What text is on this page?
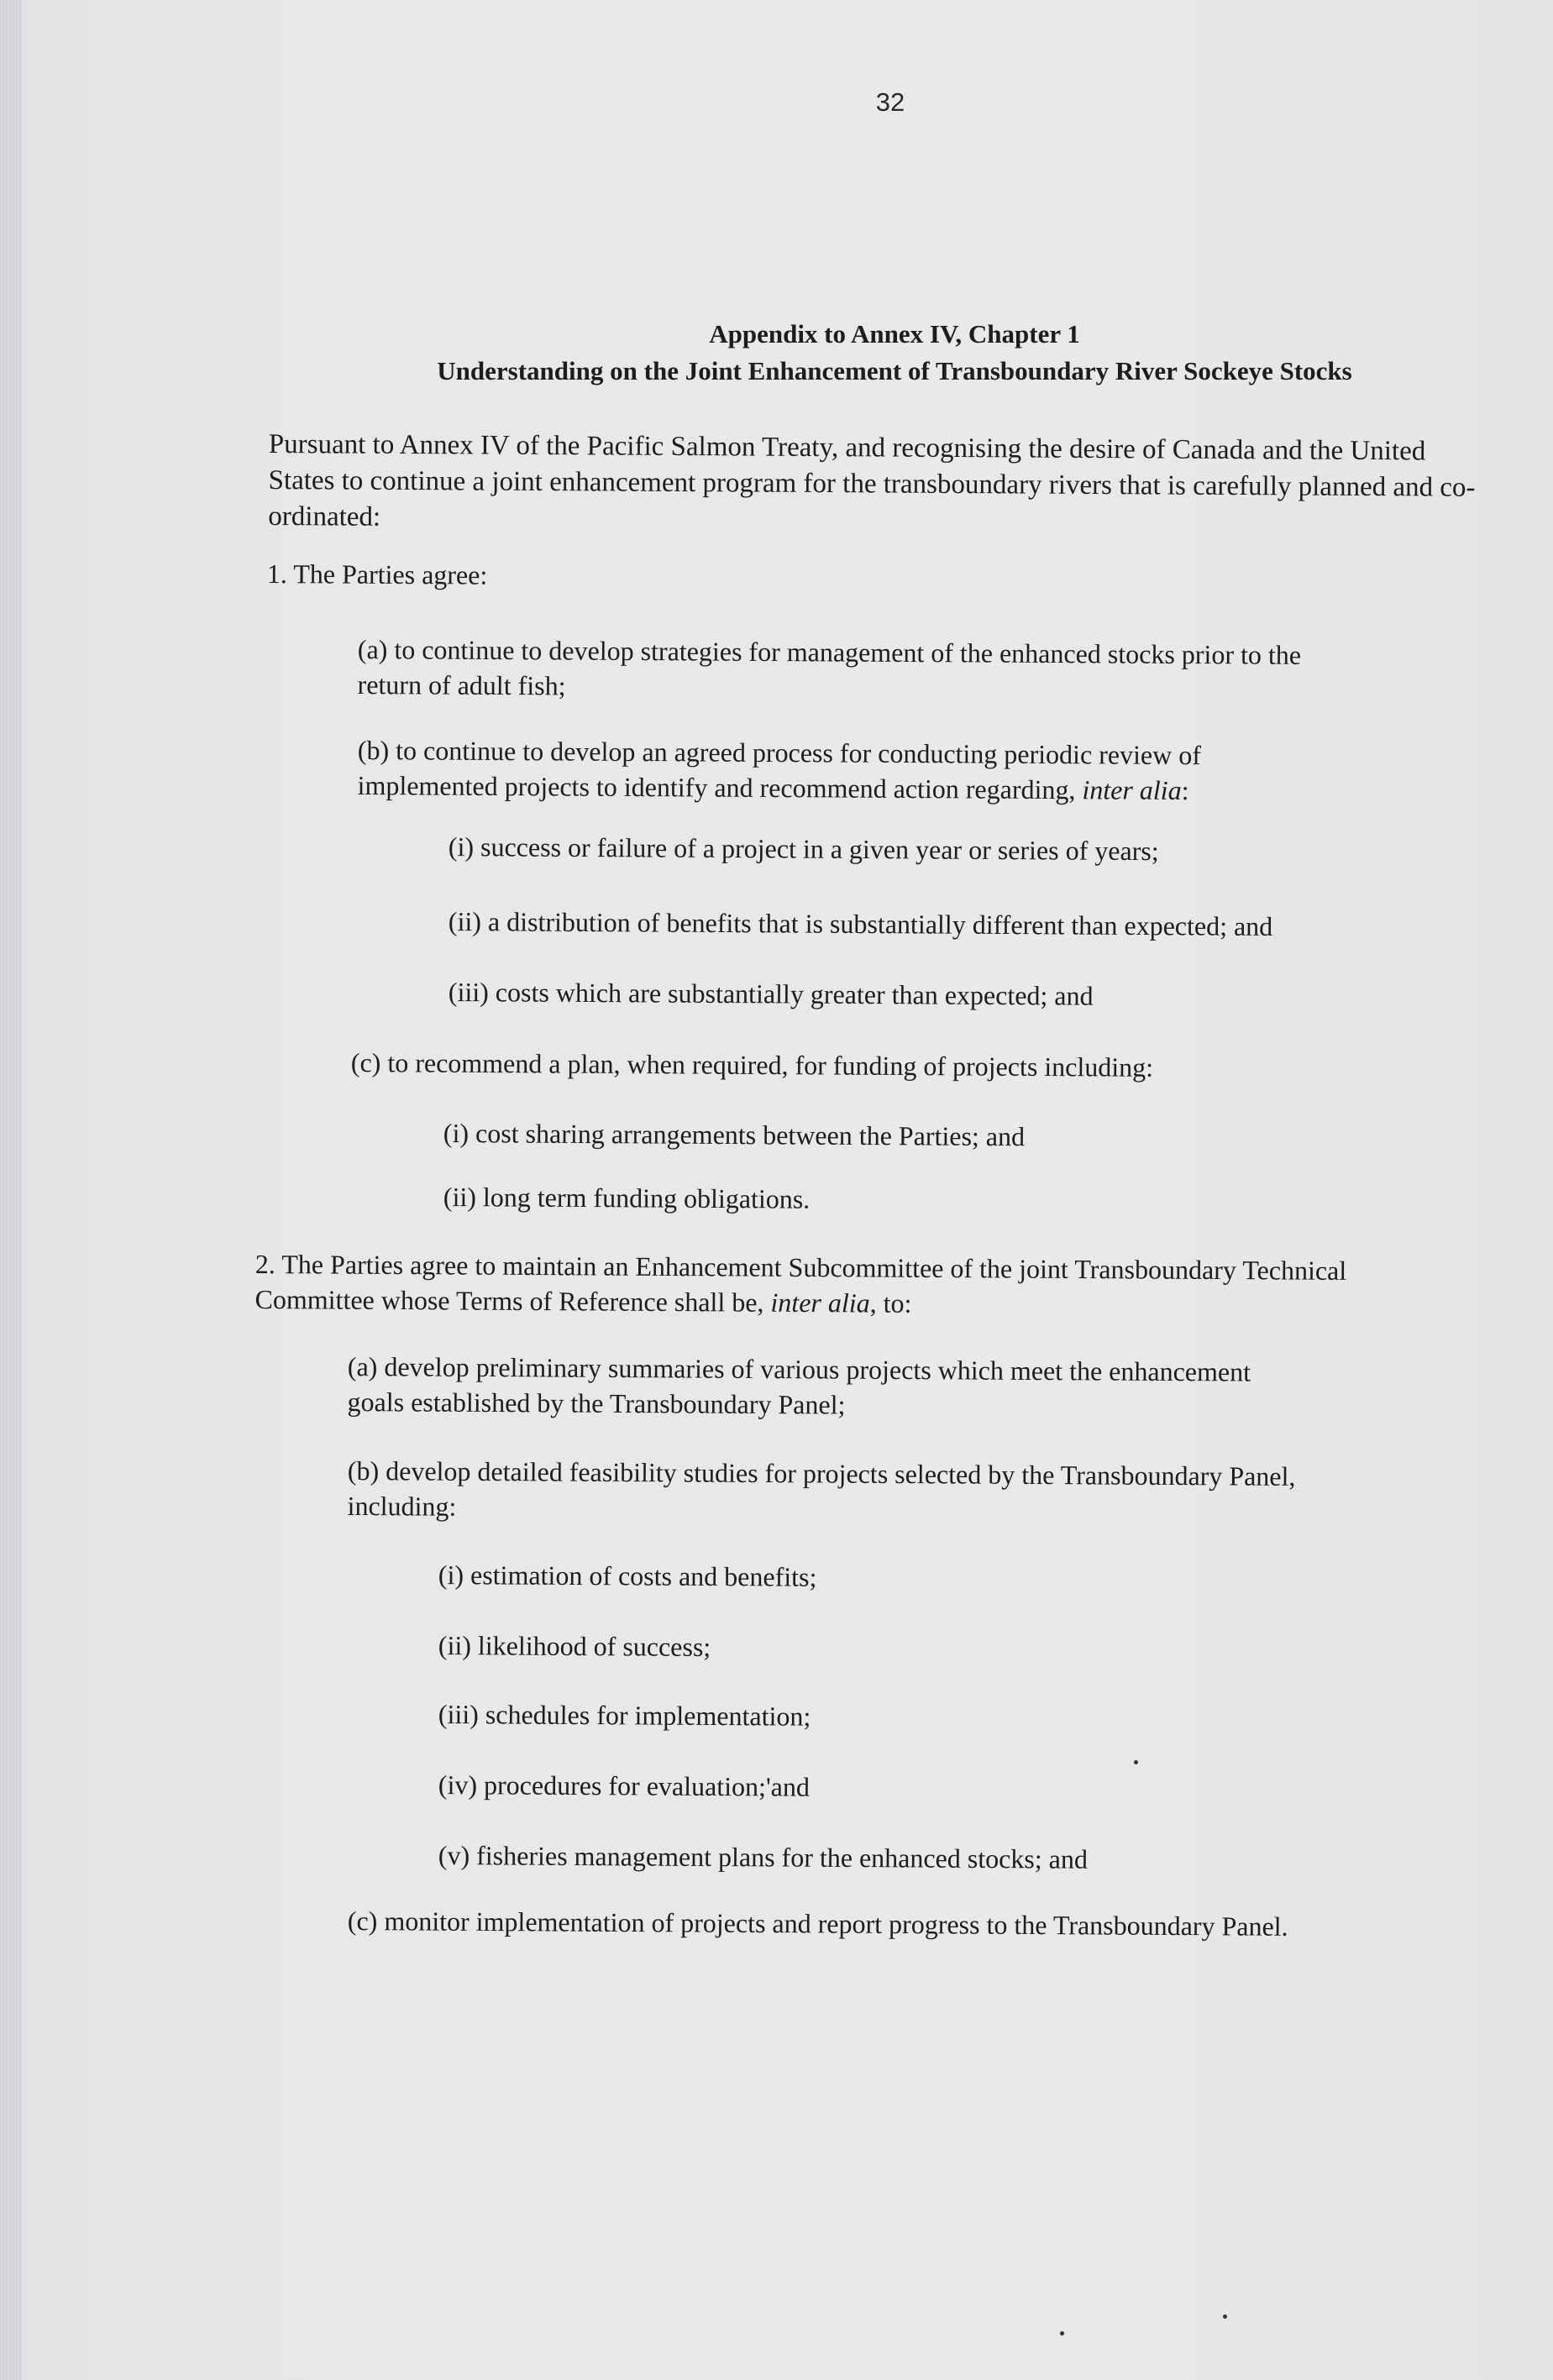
32
Appendix to Annex IV, Chapter 1
Understanding on the Joint Enhancement of Transboundary River Sockeye Stocks
Pursuant to Annex IV of the Pacific Salmon Treaty, and recognising the desire of Canada and the United States to continue a joint enhancement program for the transboundary rivers that is carefully planned and co-ordinated:
1. The Parties agree:
(a) to continue to develop strategies for management of the enhanced stocks prior to the return of adult fish;
(b) to continue to develop an agreed process for conducting periodic review of implemented projects to identify and recommend action regarding, inter alia:
(i) success or failure of a project in a given year or series of years;
(ii) a distribution of benefits that is substantially different than expected; and
(iii) costs which are substantially greater than expected; and
(c) to recommend a plan, when required, for funding of projects including:
(i) cost sharing arrangements between the Parties; and
(ii) long term funding obligations.
2. The Parties agree to maintain an Enhancement Subcommittee of the joint Transboundary Technical Committee whose Terms of Reference shall be, inter alia, to:
(a) develop preliminary summaries of various projects which meet the enhancement goals established by the Transboundary Panel;
(b) develop detailed feasibility studies for projects selected by the Transboundary Panel, including:
(i) estimation of costs and benefits;
(ii) likelihood of success;
(iii) schedules for implementation;
(iv) procedures for evaluation;'and
(v) fisheries management plans for the enhanced stocks; and
(c) monitor implementation of projects and report progress to the Transboundary Panel.
